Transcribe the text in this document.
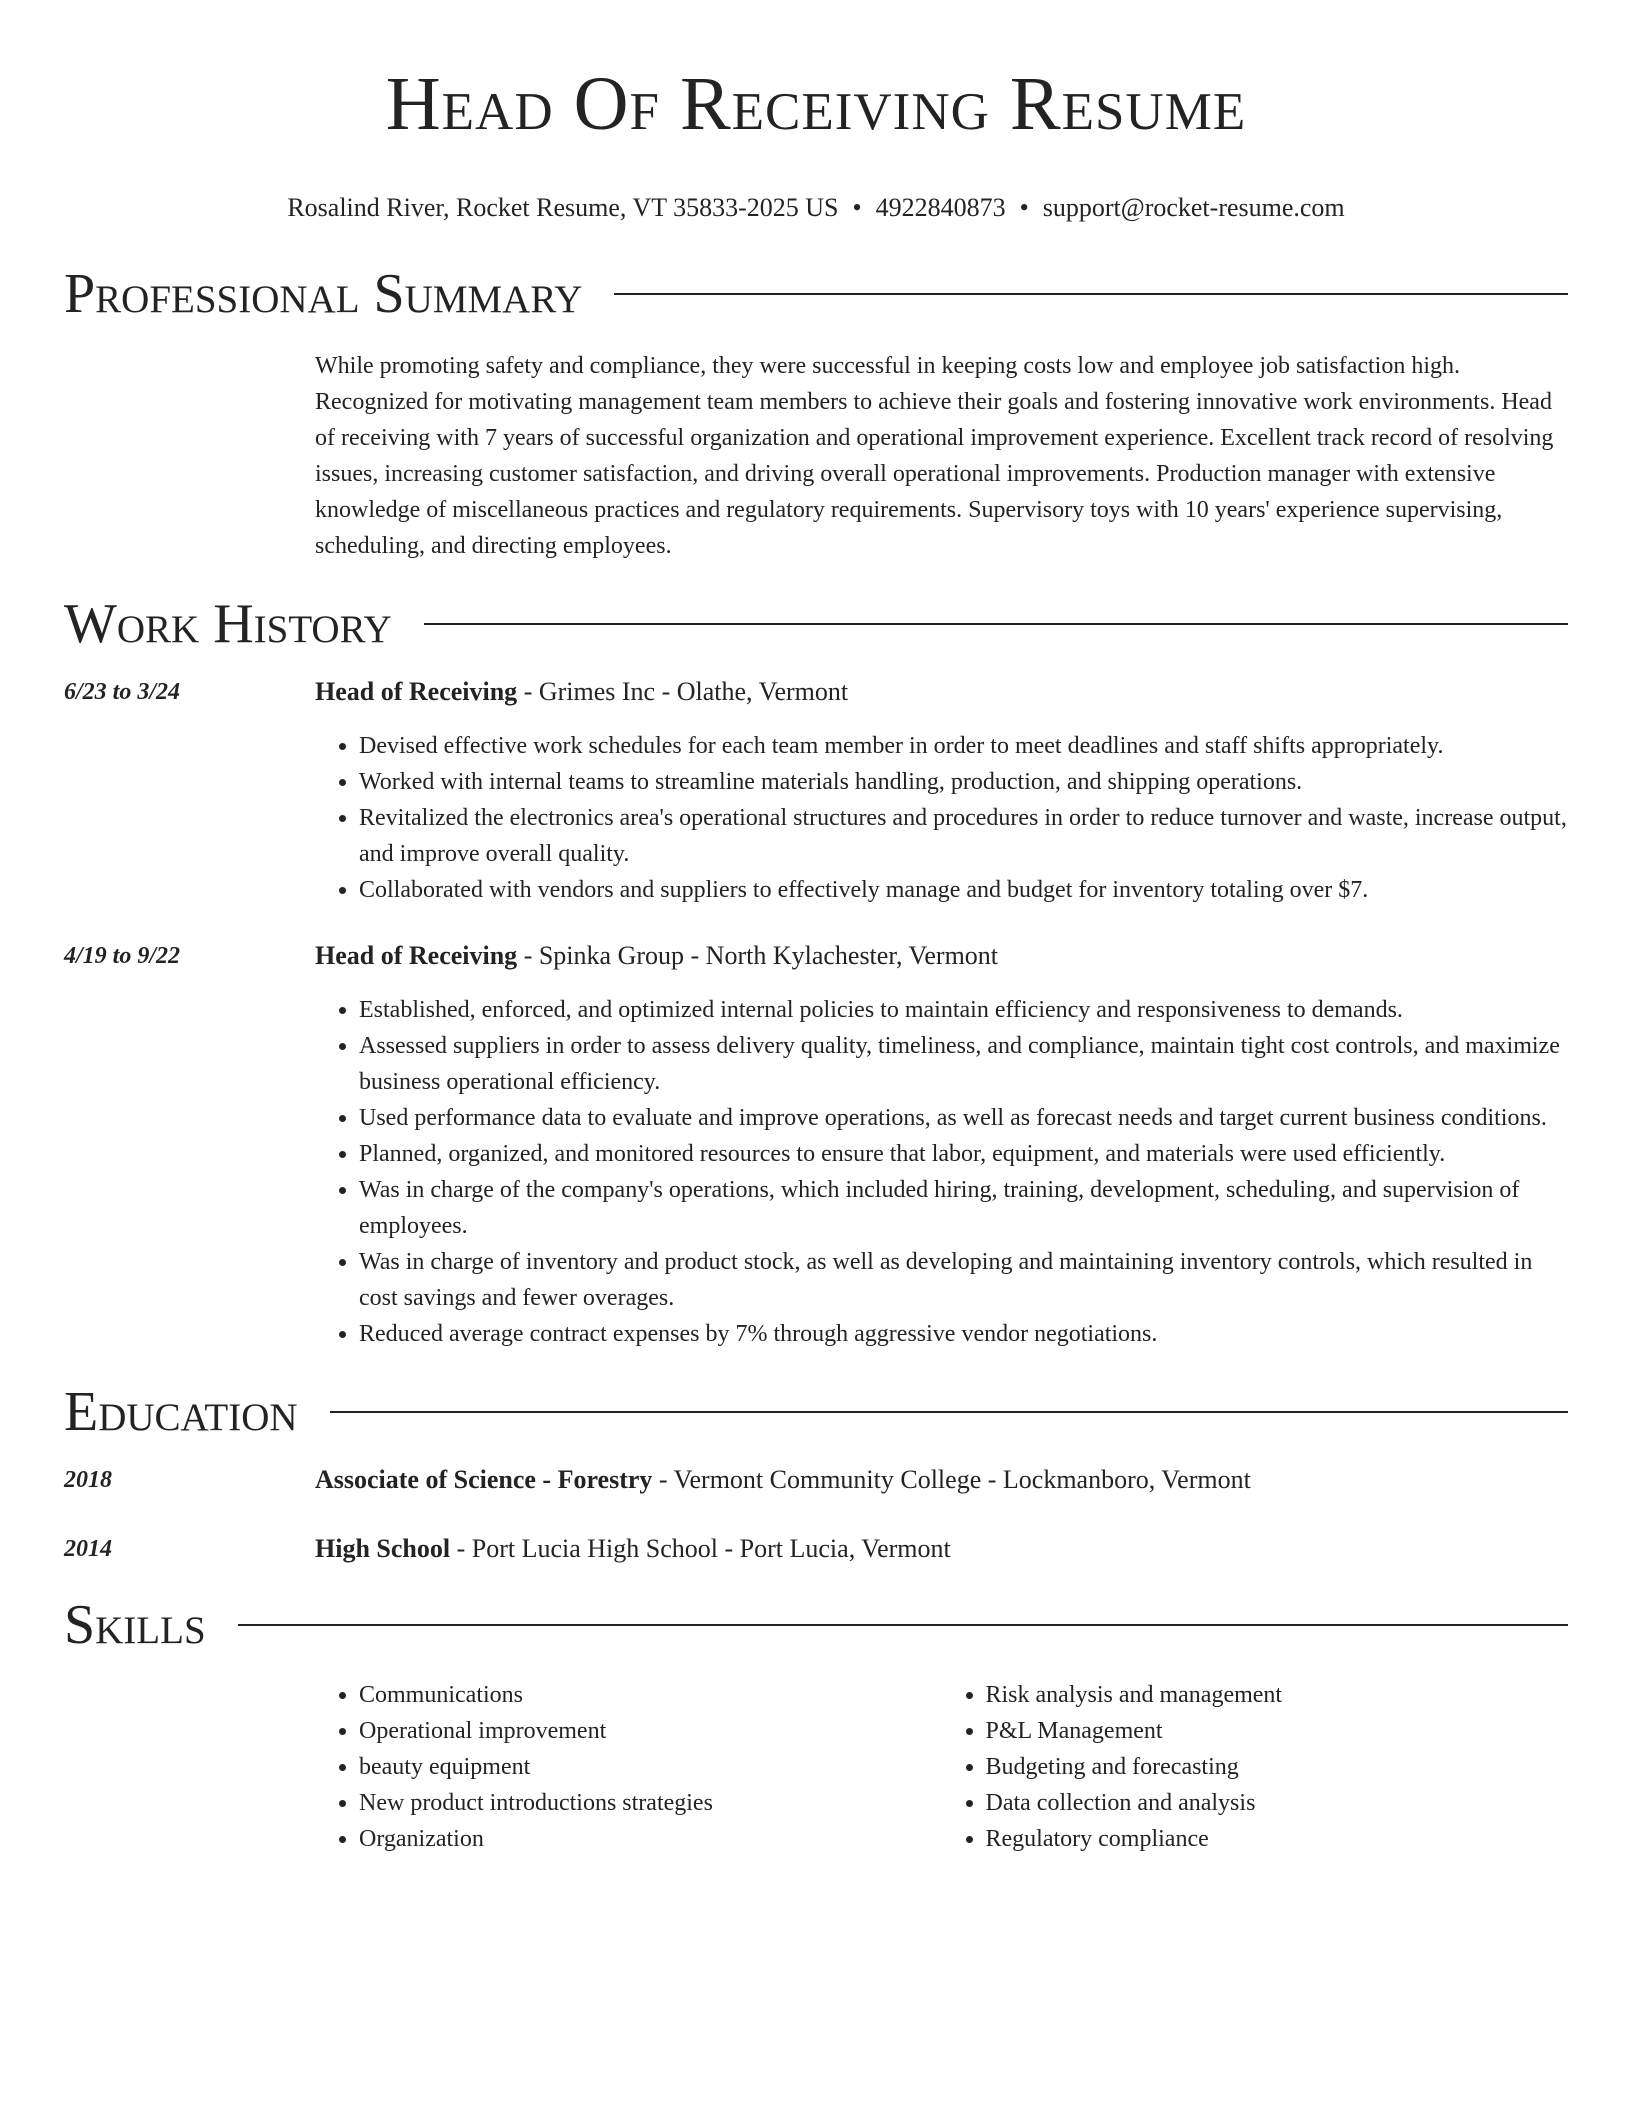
Head Of Receiving Resume
Rosalind River, Rocket Resume, VT 35833-2025 US • 4922840873 • support@rocket-resume.com
Professional Summary
While promoting safety and compliance, they were successful in keeping costs low and employee job satisfaction high. Recognized for motivating management team members to achieve their goals and fostering innovative work environments. Head of receiving with 7 years of successful organization and operational improvement experience. Excellent track record of resolving issues, increasing customer satisfaction, and driving overall operational improvements. Production manager with extensive knowledge of miscellaneous practices and regulatory requirements. Supervisory toys with 10 years' experience supervising, scheduling, and directing employees.
Work History
6/23 to 3/24	Head of Receiving - Grimes Inc - Olathe, Vermont
• Devised effective work schedules for each team member in order to meet deadlines and staff shifts appropriately.
• Worked with internal teams to streamline materials handling, production, and shipping operations.
• Revitalized the electronics area's operational structures and procedures in order to reduce turnover and waste, increase output, and improve overall quality.
• Collaborated with vendors and suppliers to effectively manage and budget for inventory totaling over $7.
4/19 to 9/22	Head of Receiving - Spinka Group - North Kylachester, Vermont
• Established, enforced, and optimized internal policies to maintain efficiency and responsiveness to demands.
• Assessed suppliers in order to assess delivery quality, timeliness, and compliance, maintain tight cost controls, and maximize business operational efficiency.
• Used performance data to evaluate and improve operations, as well as forecast needs and target current business conditions.
• Planned, organized, and monitored resources to ensure that labor, equipment, and materials were used efficiently.
• Was in charge of the company's operations, which included hiring, training, development, scheduling, and supervision of employees.
• Was in charge of inventory and product stock, as well as developing and maintaining inventory controls, which resulted in cost savings and fewer overages.
• Reduced average contract expenses by 7% through aggressive vendor negotiations.
Education
2018	Associate of Science - Forestry - Vermont Community College - Lockmanboro, Vermont
2014	High School - Port Lucia High School - Port Lucia, Vermont
Skills
• Communications
• Operational improvement
• beauty equipment
• New product introductions strategies
• Organization
• Risk analysis and management
• P&L Management
• Budgeting and forecasting
• Data collection and analysis
• Regulatory compliance
